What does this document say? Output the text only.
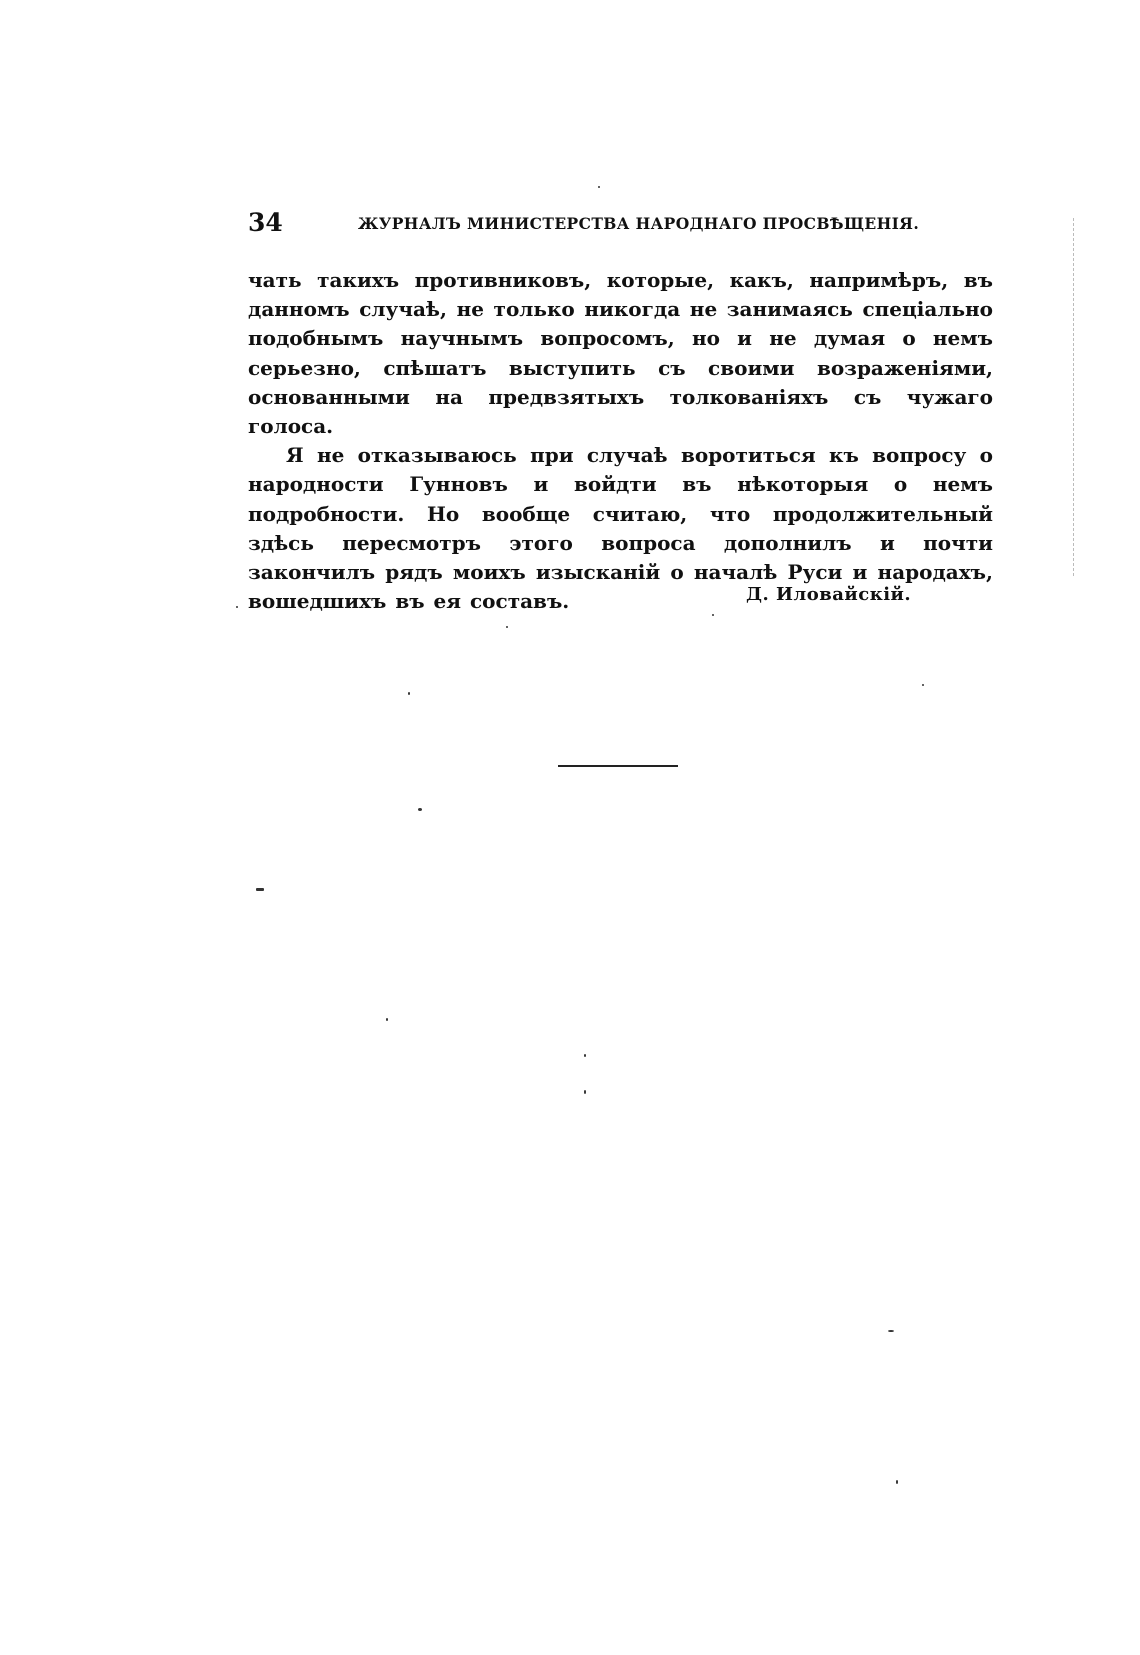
34	ЖУРНАЛЪ МИНИСТЕРСТВА НАРОДНАГО ПРОСВѢЩЕНІЯ.

чать такихъ противниковъ, которые, какъ, напримѣръ, въ данномъ случаѣ, не только никогда не занимаясь спеціально подобнымъ научнымъ вопросомъ, но и не думая о немъ серьезно, спѣшатъ выступить съ своими возраженіями, основанными на предвзятыхъ толкованіяхъ съ чужаго голоса.

Я не отказываюсь при случаѣ воротиться къ вопросу о народности Гунновъ и войдти въ нѣкоторыя о немъ подробности. Но вообще считаю, что продолжительный здѣсь пересмотръ этого вопроса дополнилъ и почти закончилъ рядъ моихъ изысканій о началѣ Руси и народахъ, вошедшихъ въ ея составъ.	Д. Иловайскій.
